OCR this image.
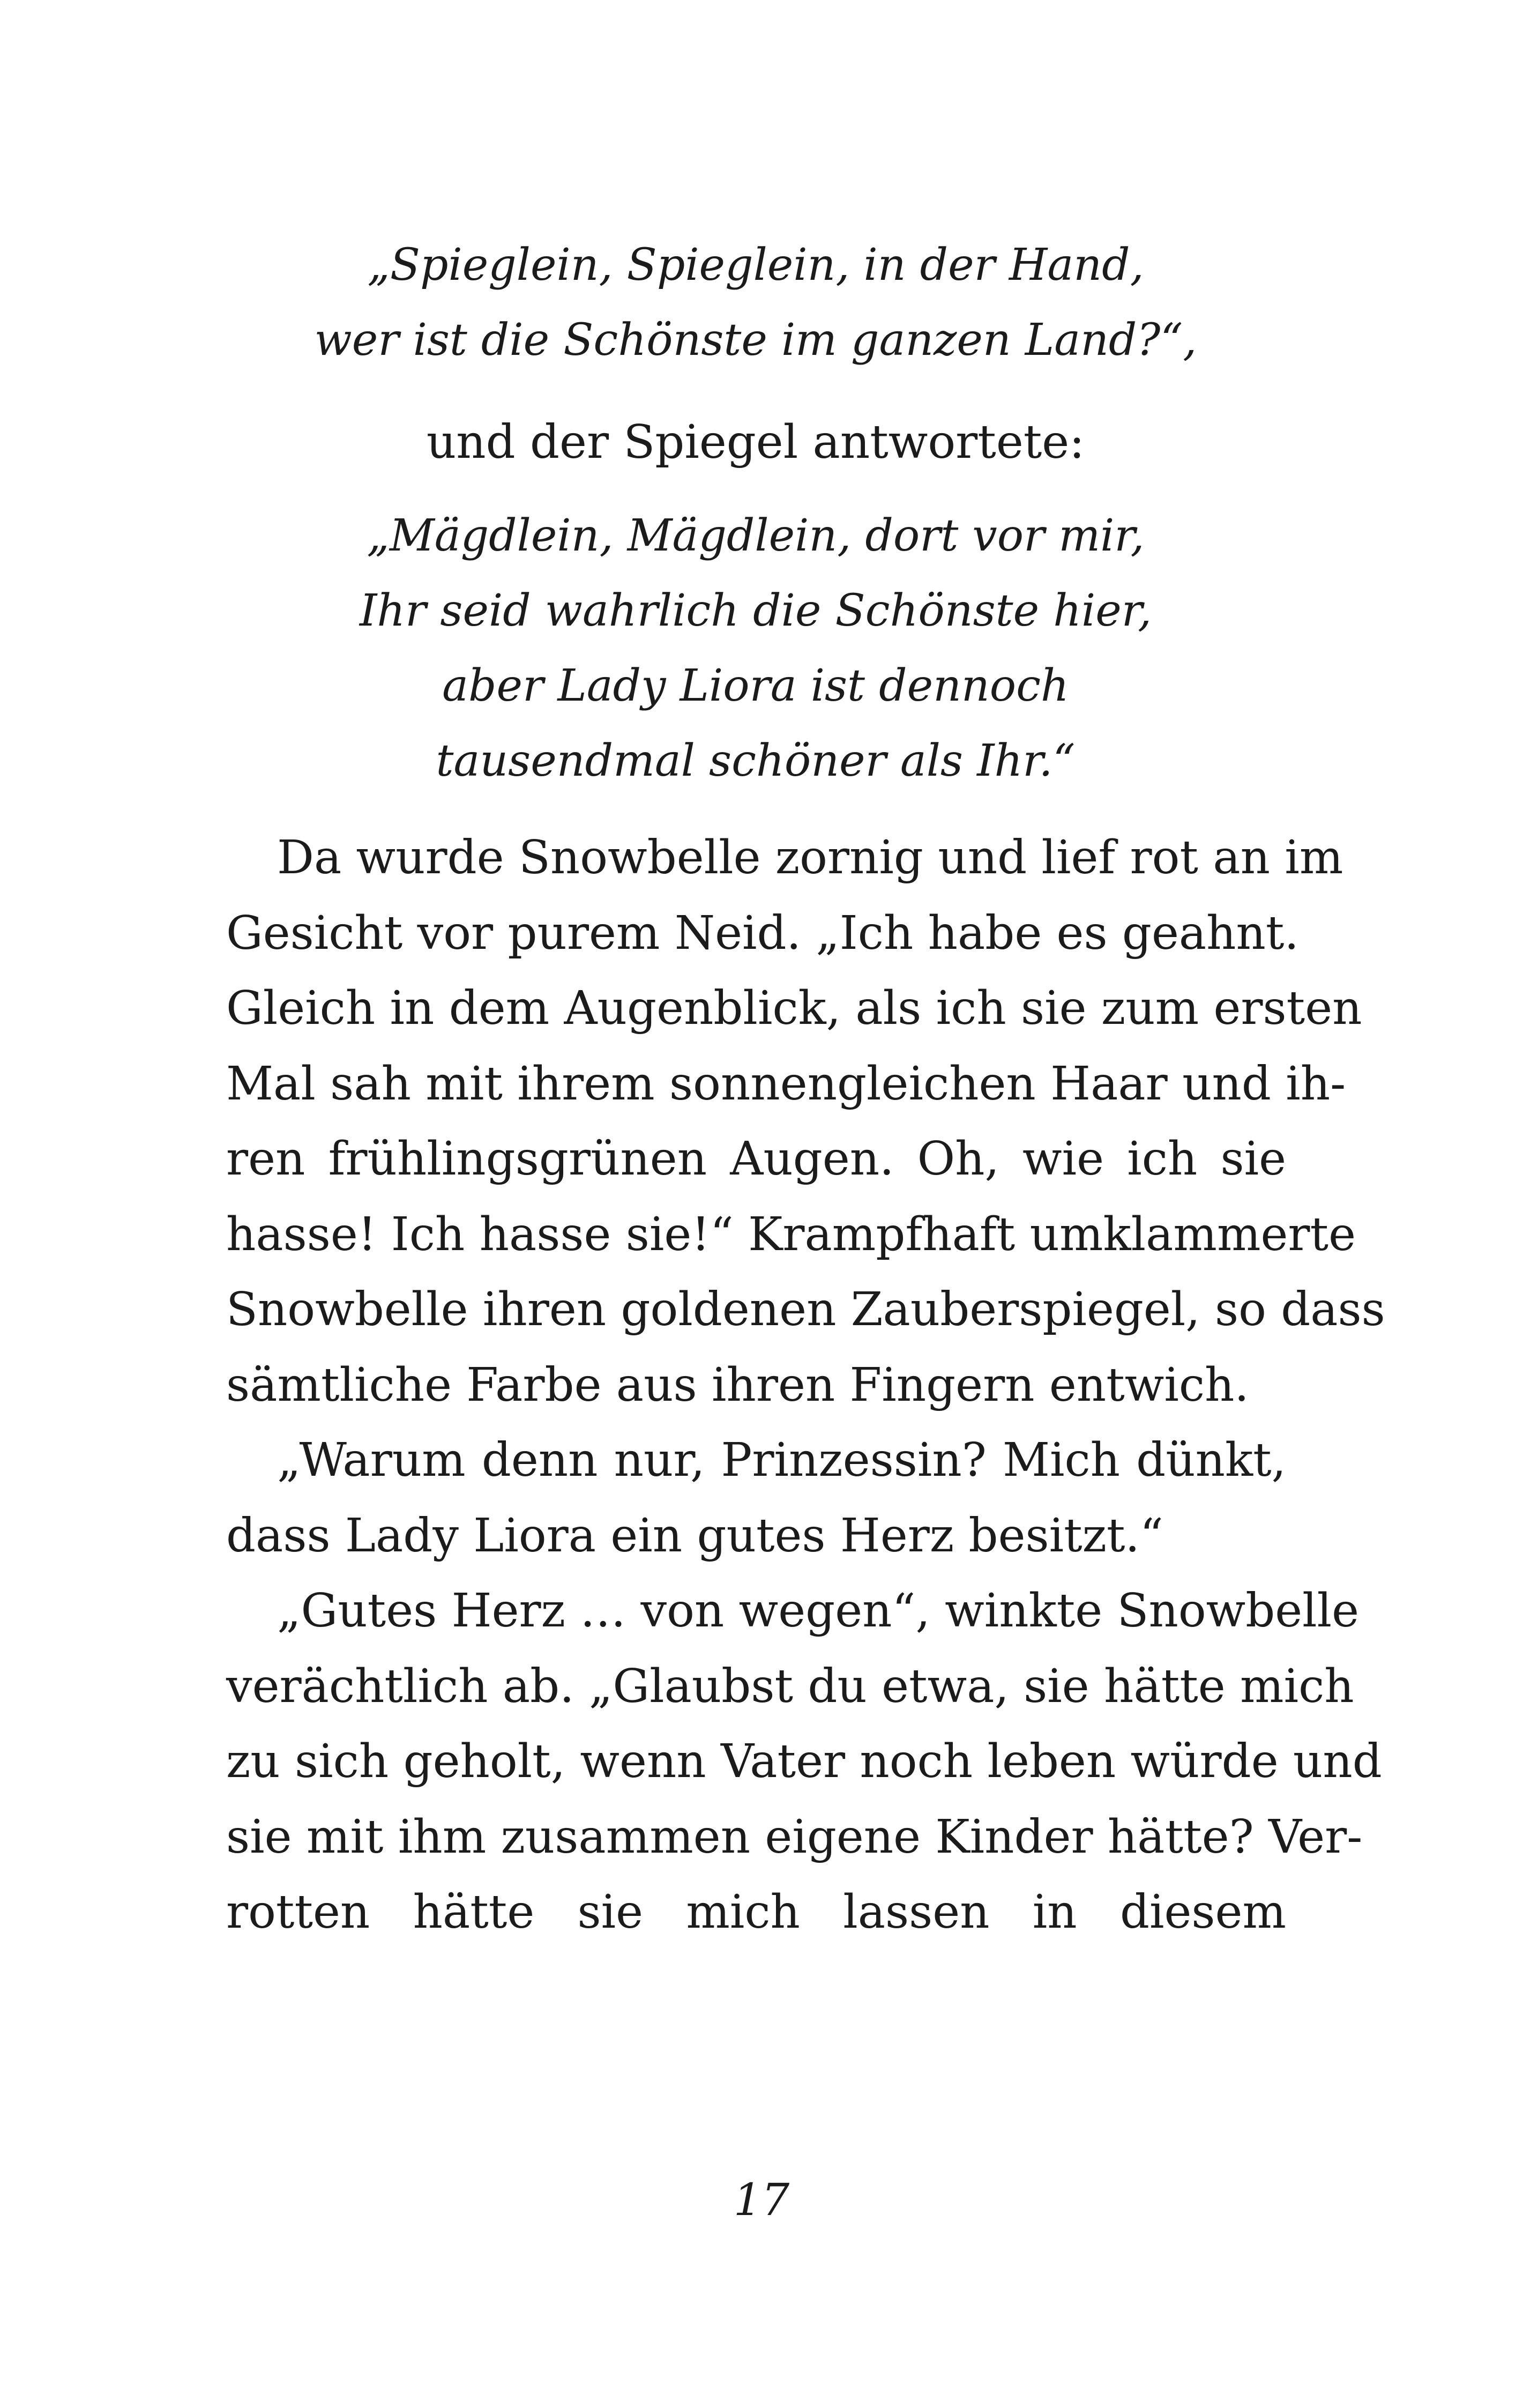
„Spieglein, Spieglein, in der Hand,
wer ist die Schönste im ganzen Land?“,
und der Spiegel antwortete:
„Mägdlein, Mägdlein, dort vor mir,
Ihr seid wahrlich die Schönste hier,
aber Lady Liora ist dennoch
tausendmal schöner als Ihr.“
Da wurde Snowbelle zornig und lief rot an im
Gesicht vor purem Neid. „Ich habe es geahnt.
Gleich in dem Augenblick, als ich sie zum ersten
Mal sah mit ihrem sonnengleichen Haar und ih-
ren frühlingsgrünen Augen. Oh, wie ich sie
hasse! Ich hasse sie!“ Krampfhaft umklammerte
Snowbelle ihren goldenen Zauberspiegel, so dass
sämtliche Farbe aus ihren Fingern entwich.
„Warum denn nur, Prinzessin? Mich dünkt,
dass Lady Liora ein gutes Herz besitzt.“
„Gutes Herz … von wegen“, winkte Snowbelle
verächtlich ab. „Glaubst du etwa, sie hätte mich
zu sich geholt, wenn Vater noch leben würde und
sie mit ihm zusammen eigene Kinder hätte? Ver-
rotten hätte sie mich lassen in diesem
17
